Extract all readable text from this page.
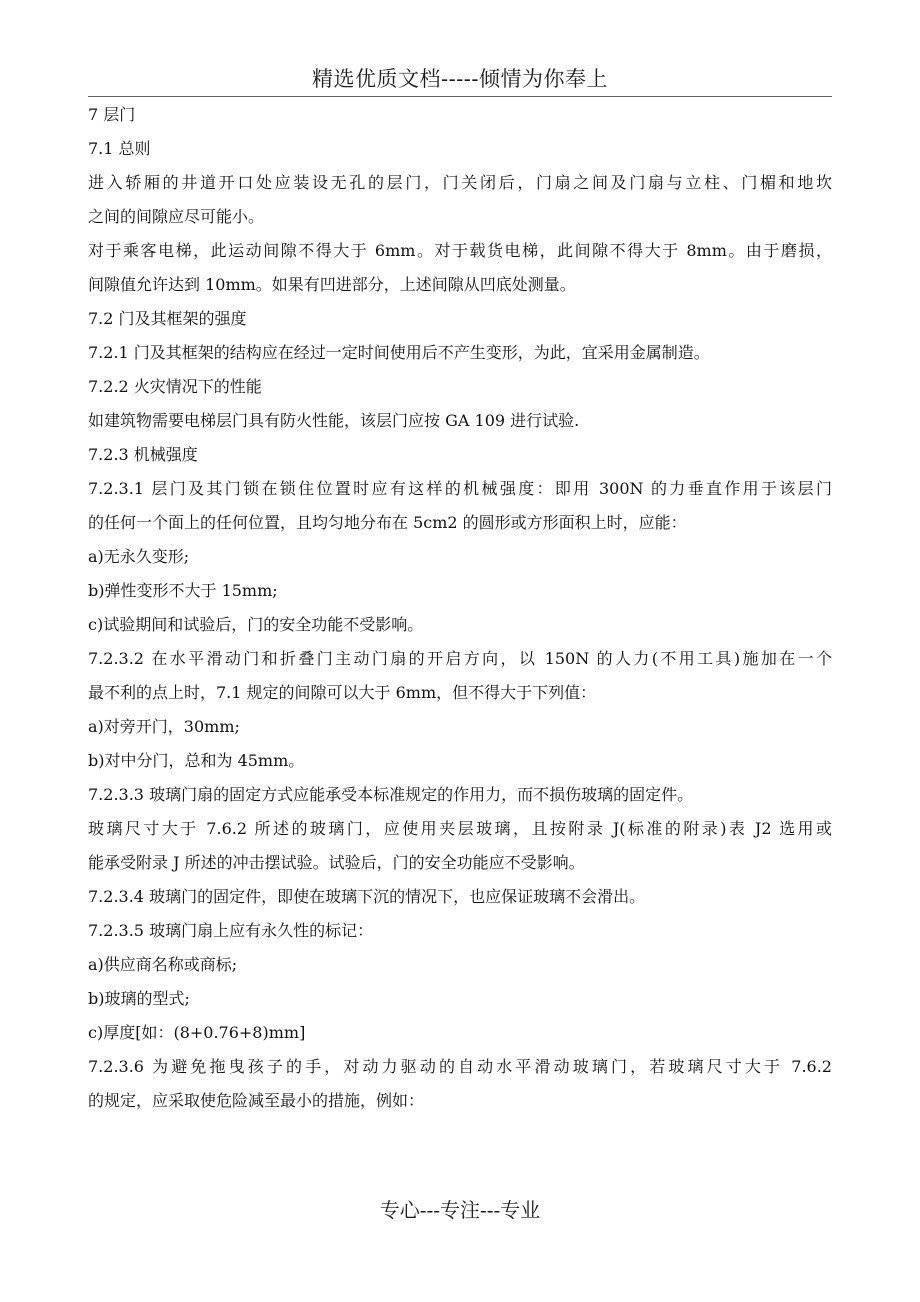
精选优质文档-----倾情为你奉上
7 层门
7.1 总则
进入轿厢的井道开口处应装设无孔的层门，门关闭后，门扇之间及门扇与立柱、门楣和地坎
之间的间隙应尽可能小。
对于乘客电梯，此运动间隙不得大于 6mm。对于载货电梯，此间隙不得大于 8mm。由于磨损，
间隙值允许达到 10mm。如果有凹进部分，上述间隙从凹底处测量。
7.2 门及其框架的强度
7.2.1 门及其框架的结构应在经过一定时间使用后不产生变形，为此，宜采用金属制造。
7.2.2 火灾情况下的性能
如建筑物需要电梯层门具有防火性能，该层门应按 GA 109 进行试验.
7.2.3 机械强度
7.2.3.1 层门及其门锁在锁住位置时应有这样的机械强度：即用 300N 的力垂直作用于该层门
的任何一个面上的任何位置，且均匀地分布在 5cm2 的圆形或方形面积上时，应能：
a)无永久变形;
b)弹性变形不大于 15mm;
c)试验期间和试验后，门的安全功能不受影响。
7.2.3.2 在水平滑动门和折叠门主动门扇的开启方向，以 150N 的人力(不用工具)施加在一个
最不利的点上时，7.1 规定的间隙可以大于 6mm，但不得大于下列值：
a)对旁开门，30mm;
b)对中分门，总和为 45mm。
7.2.3.3 玻璃门扇的固定方式应能承受本标准规定的作用力，而不损伤玻璃的固定件。
玻璃尺寸大于 7.6.2 所述的玻璃门，应使用夹层玻璃，且按附录 J(标准的附录)表 J2 选用或
能承受附录 J 所述的冲击摆试验。试验后，门的安全功能应不受影响。
7.2.3.4 玻璃门的固定件，即使在玻璃下沉的情况下，也应保证玻璃不会滑出。
7.2.3.5 玻璃门扇上应有永久性的标记：
a)供应商名称或商标;
b)玻璃的型式;
c)厚度[如：(8+0.76+8)mm]
7.2.3.6 为避免拖曳孩子的手，对动力驱动的自动水平滑动玻璃门，若玻璃尺寸大于 7.6.2
的规定，应采取使危险减至最小的措施，例如：
专心---专注---专业
